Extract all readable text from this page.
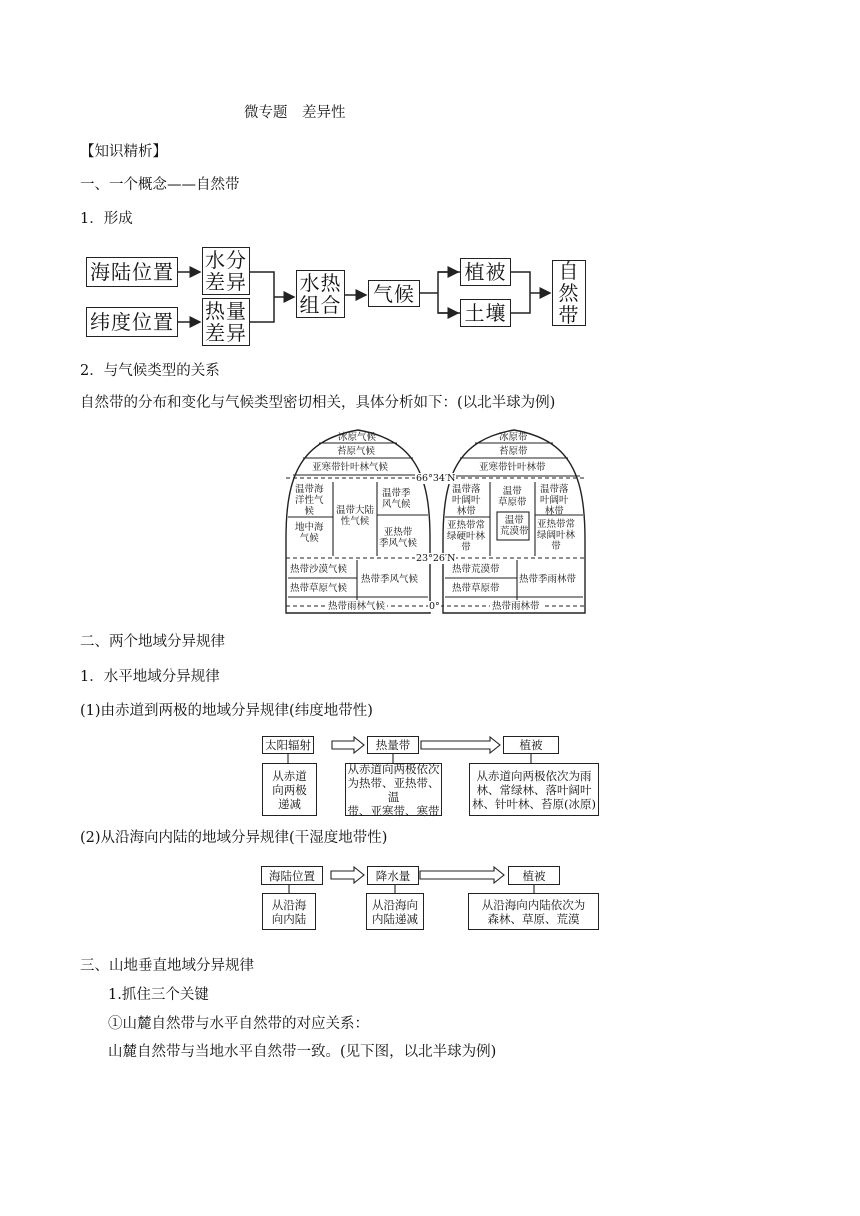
微专题　差异性
【知识精析】
一、一个概念——自然带
1．形成
海陆位置
纬度位置
水分
差异
热量
差异
水热
组合 气候
植被
土壤
自
然
带
2．与气候类型的关系
自然带的分布和变化与气候类型密切相关，具体分析如下：(以北半球为例)
冰原气候
苔原气候
亚寒带针叶林气候
温带海
洋性气
候	温带大陆
性气候
温带季
风气候
地中海
气候
亚热带
季风气候
热带沙漠气候
热带草原气候
热带季风气候
热带雨林气候
66°34′N
23°26′N
0°
冰原带
苔原带
亚寒带针叶林带
温带落
叶阔叶
林带
温带
草原带
温带落
叶阔叶
林带
温带
荒漠带
亚热带常
绿硬叶林
带
亚热带常
绿阔叶林
带
热带荒漠带
热带草原带
热带季雨林带
热带雨林带
二、两个地域分异规律
1．水平地域分异规律
(1)由赤道到两极的地域分异规律(纬度地带性)
太阳辐射	热量带	植被
从赤道
向两极
递减
从赤道向两极依次
为热带、亚热带、温
带、亚寒带、寒带
从赤道向两极依次为雨
林、常绿林、落叶阔叶
林、针叶林、苔原(冰原)
(2)从沿海向内陆的地域分异规律(干湿度地带性)
海陆位置	降水量	植被
从沿海
向内陆
从沿海向
内陆递减
从沿海向内陆依次为
森林、草原、荒漠
三、山地垂直地域分异规律
1.抓住三个关键
①山麓自然带与水平自然带的对应关系：
山麓自然带与当地水平自然带一致。(见下图，以北半球为例)
